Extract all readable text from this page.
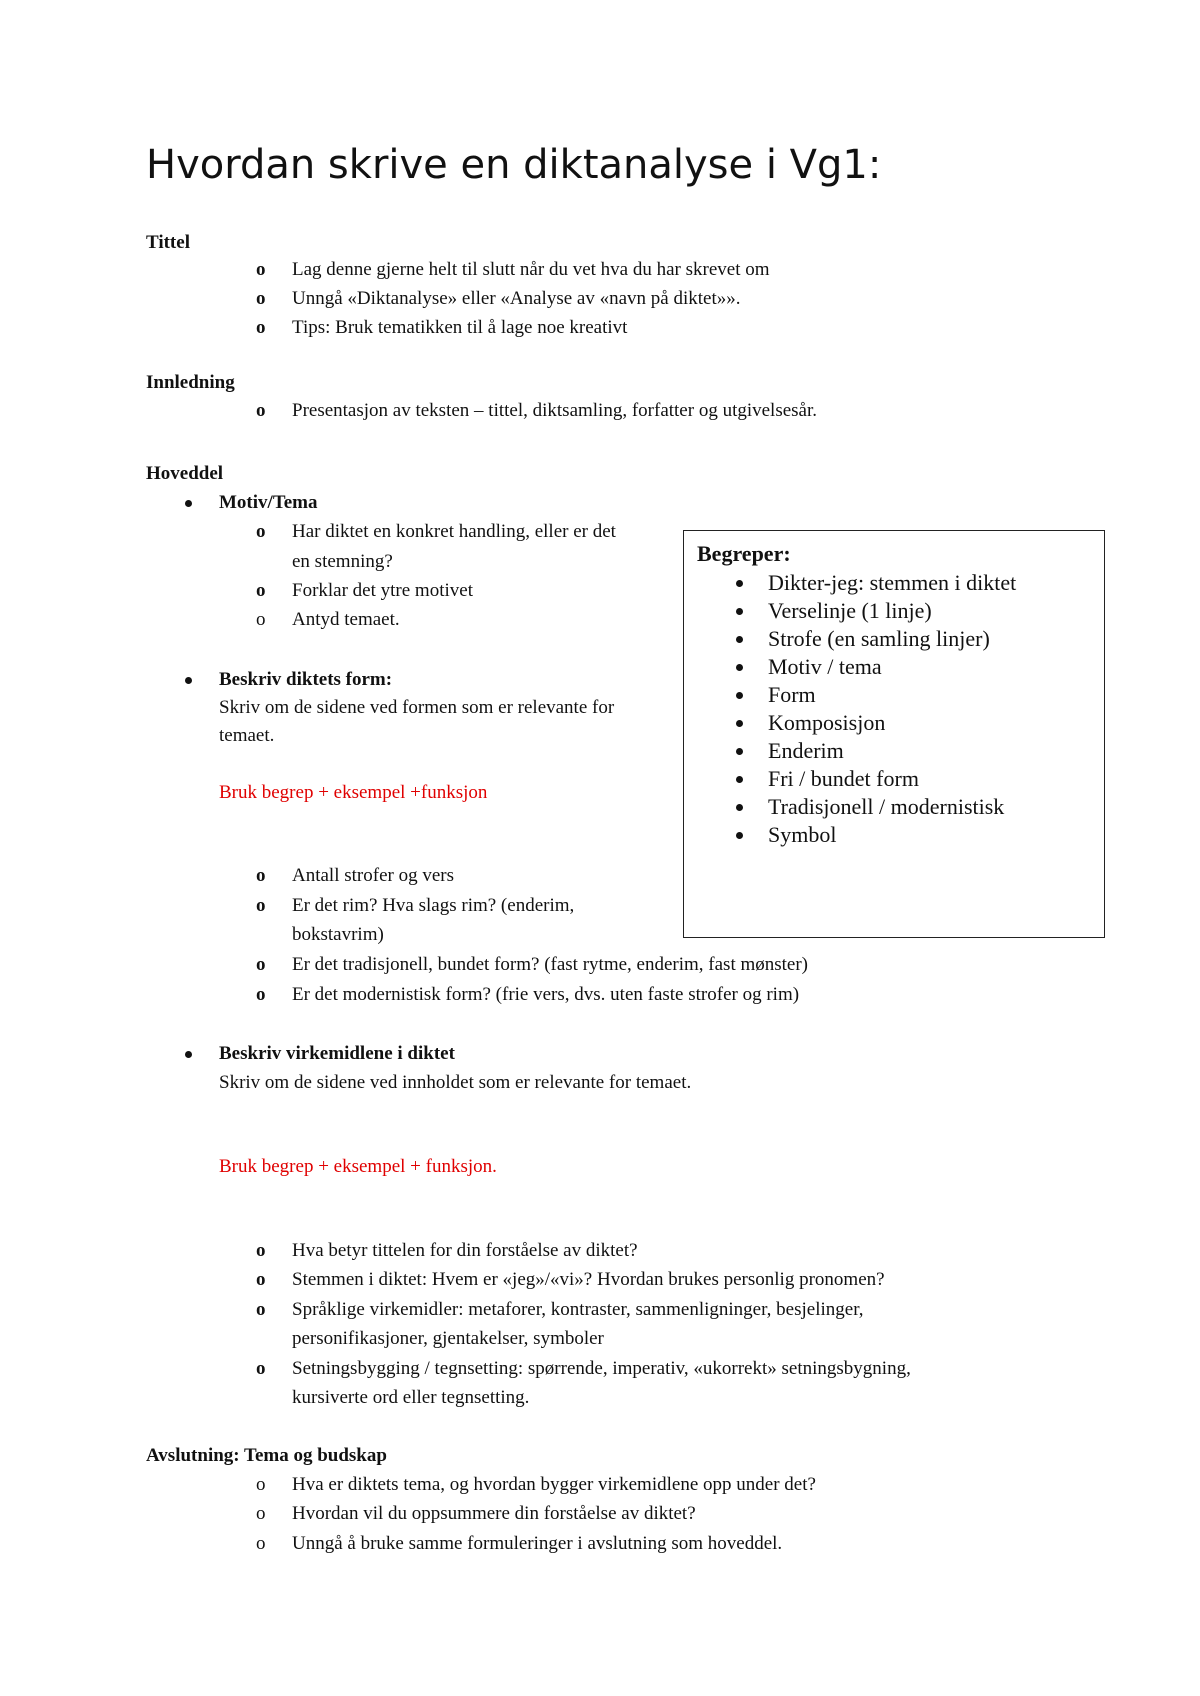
Hvordan skrive en diktanalyse i Vg1:
Tittel
o Lag denne gjerne helt til slutt når du vet hva du har skrevet om
o Unngå «Diktanalyse» eller «Analyse av «navn på diktet»».
o Tips: Bruk tematikken til å lage noe kreativt
Innledning
o Presentasjon av teksten – tittel, diktsamling, forfatter og utgivelsesår.
Hoveddel
Motiv/Tema
o Har diktet en konkret handling, eller er det
en stemning?
o Forklar det ytre motivet
o Antyd temaet.
Beskriv diktets form:
Skriv om de sidene ved formen som er relevante for
temaet.
Bruk begrep + eksempel +funksjon
o Antall strofer og vers
o Er det rim? Hva slags rim? (enderim,
bokstavrim)
o Er det tradisjonell, bundet form? (fast rytme, enderim, fast mønster)
o Er det modernistisk form? (frie vers, dvs. uten faste strofer og rim)
Beskriv virkemidlene i diktet
Skriv om de sidene ved innholdet som er relevante for temaet.
Bruk begrep + eksempel + funksjon.
o Hva betyr tittelen for din forståelse av diktet?
o Stemmen i diktet: Hvem er «jeg»/«vi»? Hvordan brukes personlig pronomen?
o Språklige virkemidler: metaforer, kontraster, sammenligninger, besjelinger,
personifikasjoner, gjentakelser, symboler
o Setningsbygging / tegnsetting: spørrende, imperativ, «ukorrekt» setningsbygning,
kursiverte ord eller tegnsetting.
Avslutning: Tema og budskap
o Hva er diktets tema, og hvordan bygger virkemidlene opp under det?
o Hvordan vil du oppsummere din forståelse av diktet?
o Unngå å bruke samme formuleringer i avslutning som hoveddel.
Begreper:
Dikter-jeg: stemmen i diktet
Verselinje (1 linje)
Strofe (en samling linjer)
Motiv / tema
Form
Komposisjon
Enderim
Fri / bundet form
Tradisjonell / modernistisk
Symbol
